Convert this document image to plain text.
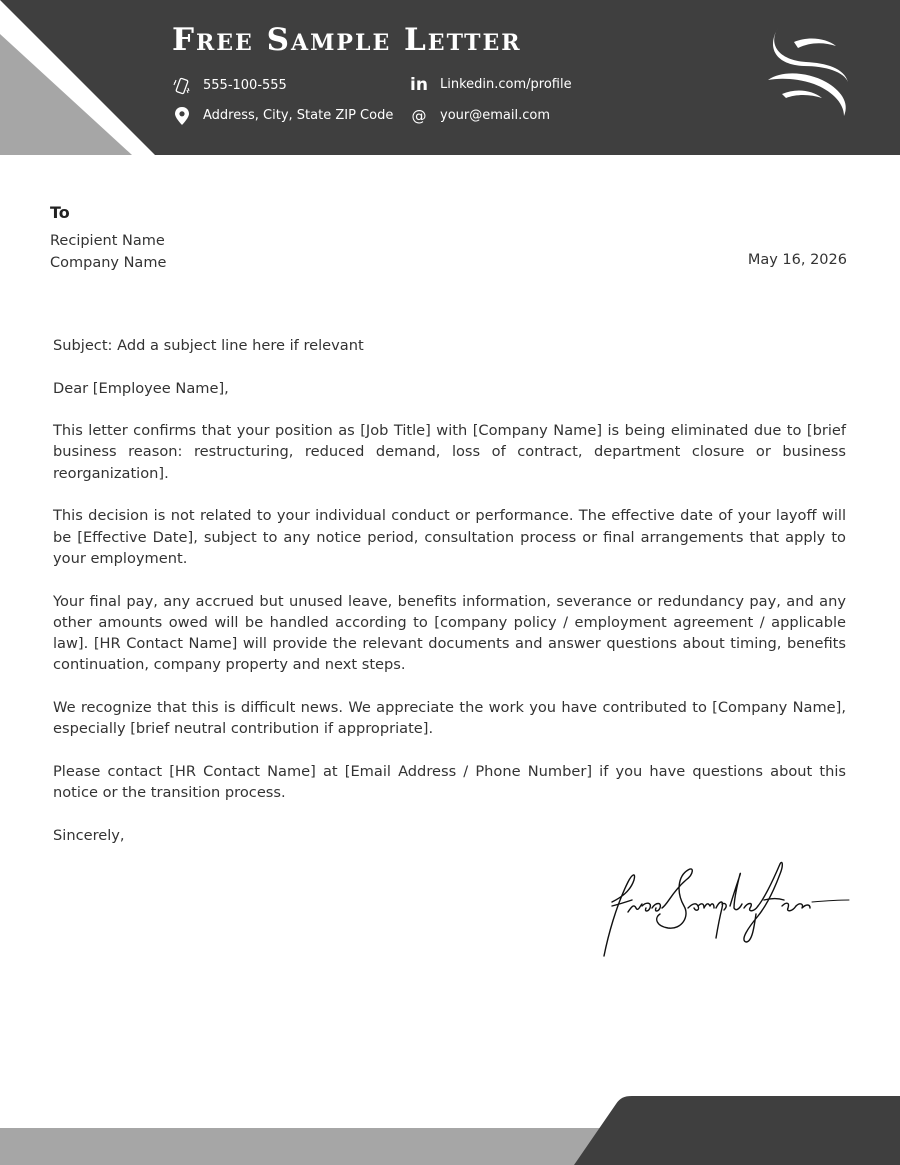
Free Sample Letter
555-100-555
Address, City, State ZIP Code
in Linkedin.com/profile
@ your@email.com
To
Recipient Name
Company Name	May 16, 2026

Subject: Add a subject line here if relevant

Dear [Employee Name],

This letter confirms that your position as [Job Title] with [Company Name] is being eliminated due to [brief business reason: restructuring, reduced demand, loss of contract, department closure or business reorganization].

This decision is not related to your individual conduct or performance. The effective date of your layoff will be [Effective Date], subject to any notice period, consultation process or final arrangements that apply to your employment.

Your final pay, any accrued but unused leave, benefits information, severance or redundancy pay, and any other amounts owed will be handled according to [company policy / employment agreement / applicable law]. [HR Contact Name] will provide the relevant documents and answer questions about timing, benefits continuation, company property and next steps.

We recognize that this is difficult news. We appreciate the work you have contributed to [Company Name], especially [brief neutral contribution if appropriate].

Please contact [HR Contact Name] at [Email Address / Phone Number] if you have questions about this notice or the transition process.

Sincerely,
